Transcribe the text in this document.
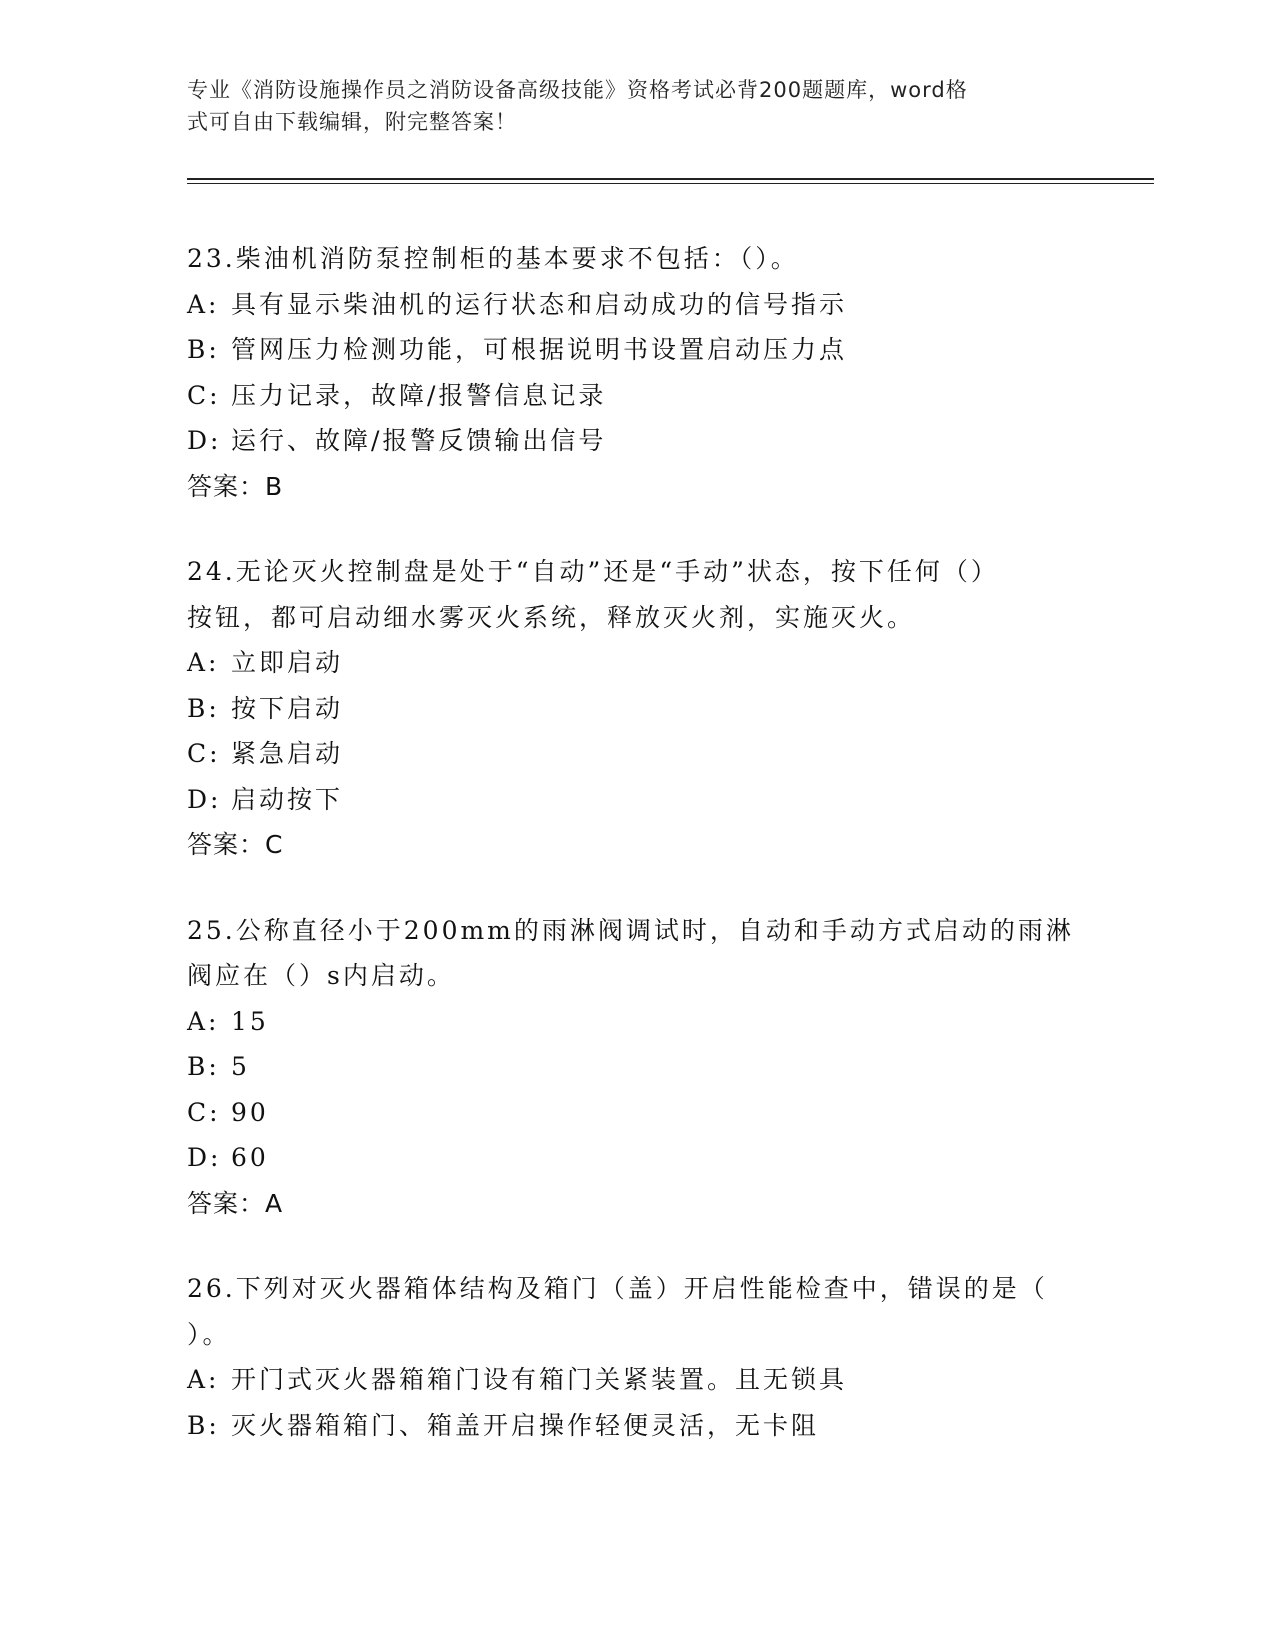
专业《消防设施操作员之消防设备高级技能》资格考试必背200题题库，word格
式可自由下载编辑，附完整答案！
23.柴油机消防泵控制柜的基本要求不包括：（）。
A: 具有显示柴油机的运行状态和启动成功的信号指示
B: 管网压力检测功能，可根据说明书设置启动压力点
C: 压力记录，故障/报警信息记录
D: 运行、故障/报警反馈输出信号
答案：B
24.无论灭火控制盘是处于“自动”还是“手动”状态，按下任何（）
按钮，都可启动细水雾灭火系统，释放灭火剂，实施灭火。
A: 立即启动
B: 按下启动
C: 紧急启动
D: 启动按下
答案：C
25.公称直径小于200mm的雨淋阀调试时，自动和手动方式启动的雨淋
阀应在（）s内启动。
A: 15
B: 5
C: 90
D: 60
答案：A
26.下列对灭火器箱体结构及箱门（盖）开启性能检查中，错误的是（
）。
A: 开门式灭火器箱箱门设有箱门关紧装置。且无锁具
B: 灭火器箱箱门、箱盖开启操作轻便灵活，无卡阻
